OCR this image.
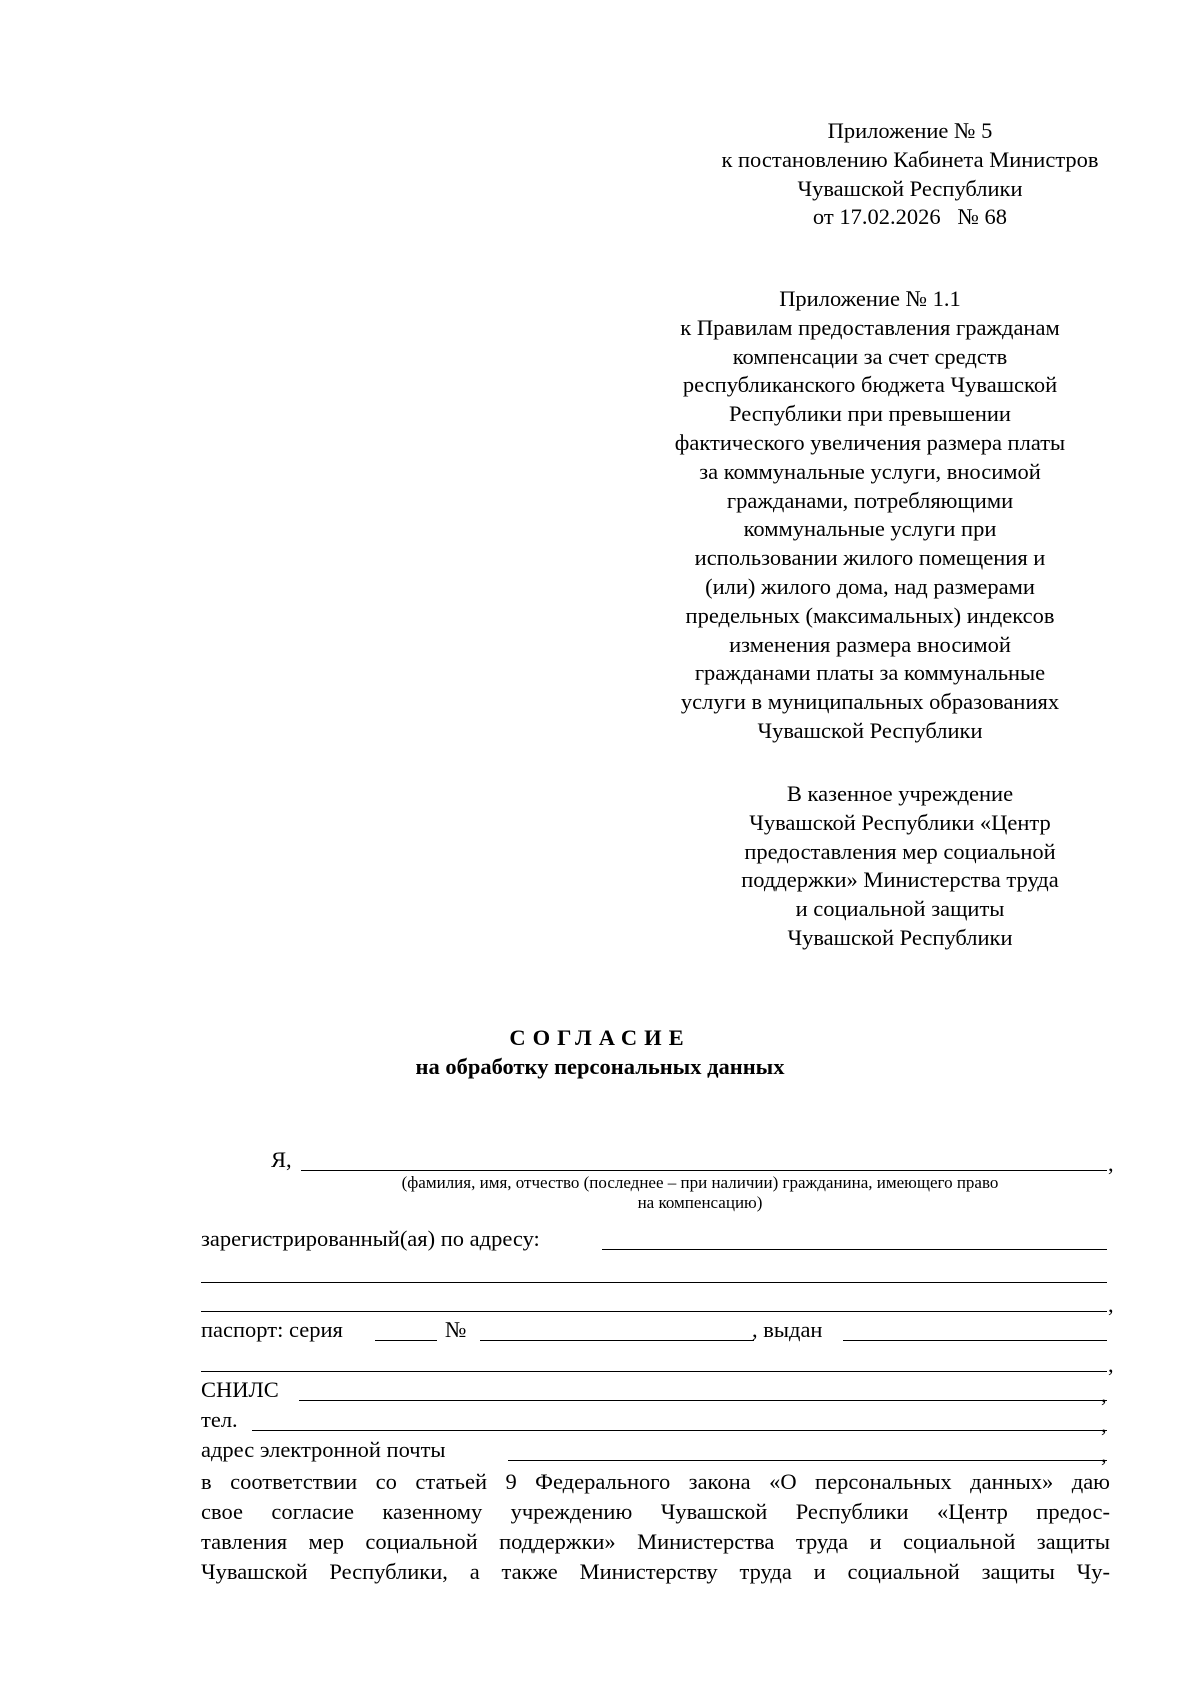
Приложение № 5
к постановлению Кабинета Министров
Чувашской Республики
от 17.02.2026   № 68
Приложение № 1.1
к Правилам предоставления гражданам
компенсации за счет средств
республиканского бюджета Чувашской
Республики при превышении
фактического увеличения размера платы
за коммунальные услуги, вносимой
гражданами, потребляющими
коммунальные услуги при
использовании жилого помещения и
(или) жилого дома, над размерами
предельных (максимальных) индексов
изменения размера вносимой
гражданами платы за коммунальные
услуги в муниципальных образованиях
Чувашской Республики
В казенное учреждение
Чувашской Республики «Центр
предоставления мер социальной
поддержки» Министерства труда
и социальной защиты
Чувашской Республики
СОГЛАСИЕ
на обработку персональных данных
Я,	,
(фамилия, имя, отчество (последнее – при наличии) гражданина, имеющего право
на компенсацию)
зарегистрированный(ая) по адресу:
,
паспорт: серия	№	, выдан
,
СНИЛС	,
тел.	,
адрес электронной почты	,
в соответствии со статьей 9 Федерального закона «О персональных данных» даю
свое согласие казенному учреждению Чувашской Республики «Центр предос-
тавления мер социальной поддержки» Министерства труда и социальной защиты
Чувашской Республики, а также Министерству труда и социальной защиты Чу-
